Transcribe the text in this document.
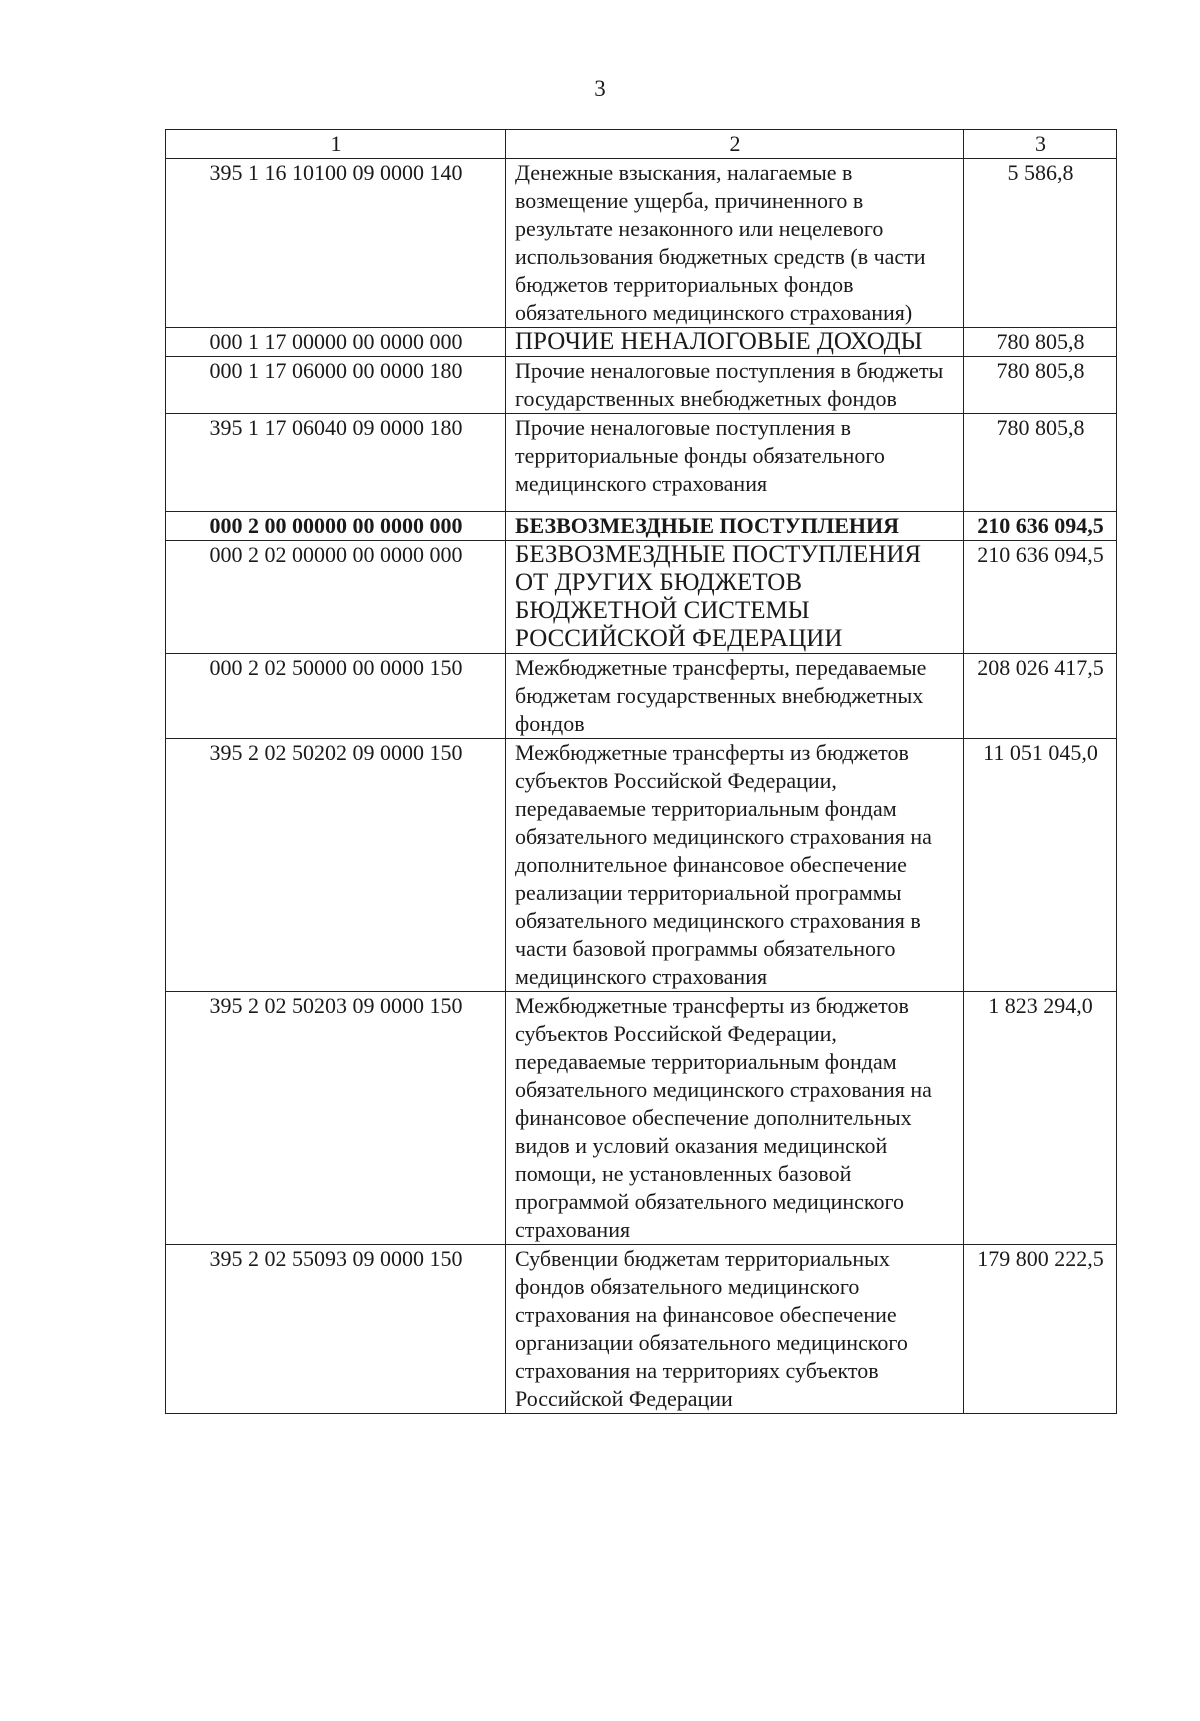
3
1	2	3
395 1 16 10100 09 0000 140	Денежные взыскания, налагаемые в возмещение ущерба, причиненного в результате незаконного или нецелевого использования бюджетных средств (в части бюджетов территориальных фондов обязательного медицинского страхования)	5 586,8
000 1 17 00000 00 0000 000	ПРОЧИЕ НЕНАЛОГОВЫЕ ДОХОДЫ	780 805,8
000 1 17 06000 00 0000 180	Прочие неналоговые поступления в бюджеты государственных внебюджетных фондов	780 805,8
395 1 17 06040 09 0000 180	Прочие неналоговые поступления в территориальные фонды обязательного медицинского страхования	780 805,8
000 2 00 00000 00 0000 000	БЕЗВОЗМЕЗДНЫЕ ПОСТУПЛЕНИЯ	210 636 094,5
000 2 02 00000 00 0000 000	БЕЗВОЗМЕЗДНЫЕ ПОСТУПЛЕНИЯ ОТ ДРУГИХ БЮДЖЕТОВ БЮДЖЕТНОЙ СИСТЕМЫ РОССИЙСКОЙ ФЕДЕРАЦИИ	210 636 094,5
000 2 02 50000 00 0000 150	Межбюджетные трансферты, передаваемые бюджетам государственных внебюджетных фондов	208 026 417,5
395 2 02 50202 09 0000 150	Межбюджетные трансферты из бюджетов субъектов Российской Федерации, передаваемые территориальным фондам обязательного медицинского страхования на дополнительное финансовое обеспечение реализации территориальной программы обязательного медицинского страхования в части базовой программы обязательного медицинского страхования	11 051 045,0
395 2 02 50203 09 0000 150	Межбюджетные трансферты из бюджетов субъектов Российской Федерации, передаваемые территориальным фондам обязательного медицинского страхования на финансовое обеспечение дополнительных видов и условий оказания медицинской помощи, не установленных базовой программой обязательного медицинского страхования	1 823 294,0
395 2 02 55093 09 0000 150	Субвенции бюджетам территориальных фондов обязательного медицинского страхования на финансовое обеспечение организации обязательного медицинского страхования на территориях субъектов Российской Федерации	179 800 222,5
